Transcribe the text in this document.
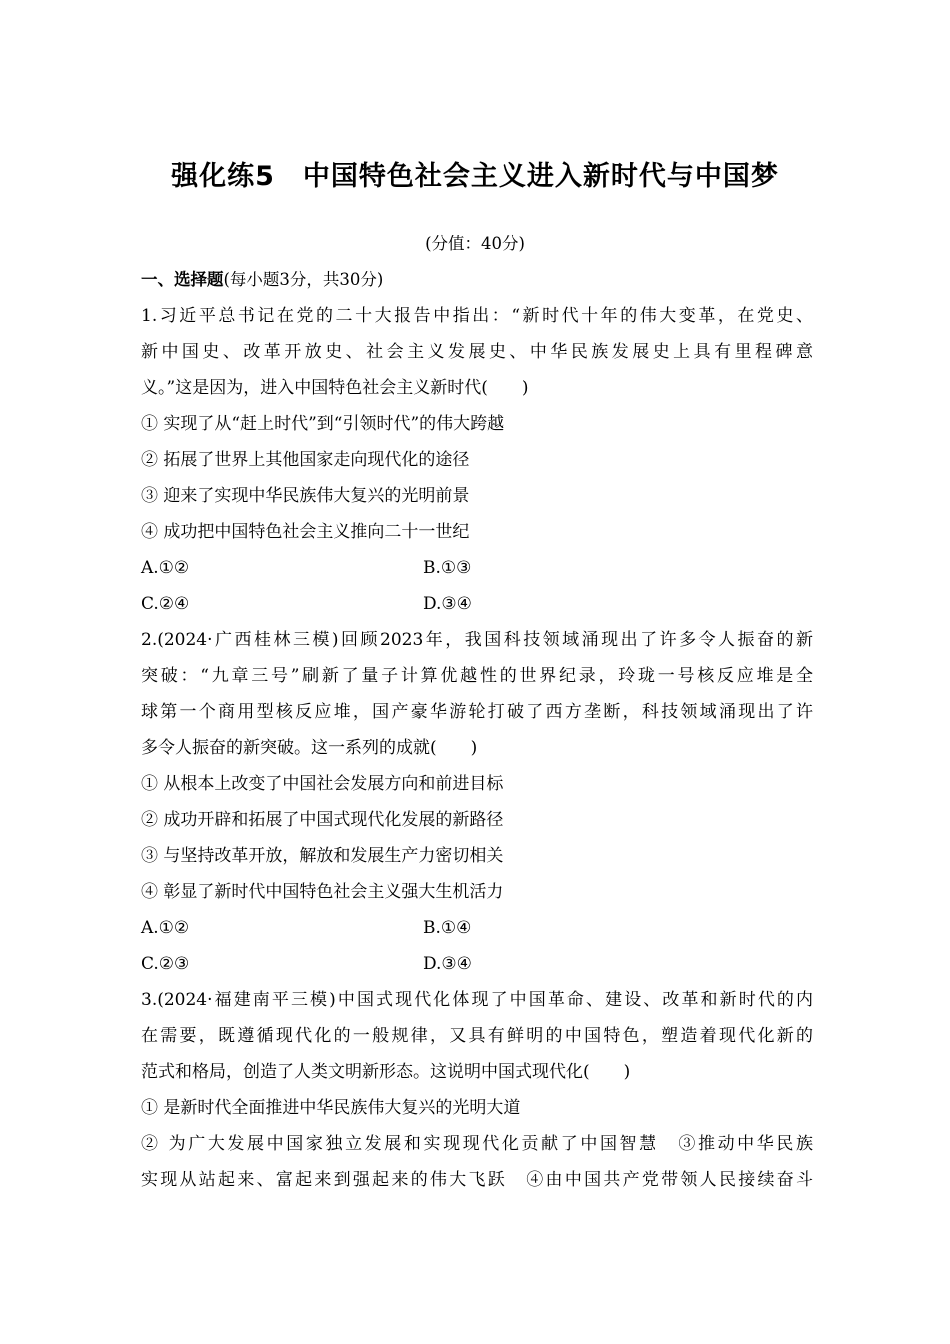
强化练5　中国特色社会主义进入新时代与中国梦
(分值：40分)
一、选择题(每小题3分，共30分)
1.习近平总书记在党的二十大报告中指出：“新时代十年的伟大变革，在党史、
新中国史、改革开放史、社会主义发展史、中华民族发展史上具有里程碑意
义。”这是因为，进入中国特色社会主义新时代(　　)
① 实现了从“赶上时代”到“引领时代”的伟大跨越
② 拓展了世界上其他国家走向现代化的途径
③ 迎来了实现中华民族伟大复兴的光明前景
④ 成功把中国特色社会主义推向二十一世纪
A.①②	B.①③
C.②④	D.③④
2.(2024·广西桂林三模)回顾2023年，我国科技领域涌现出了许多令人振奋的新
突破：“九章三号”刷新了量子计算优越性的世界纪录，玲珑一号核反应堆是全
球第一个商用型核反应堆，国产豪华游轮打破了西方垄断，科技领域涌现出了许
多令人振奋的新突破。这一系列的成就(　　)
① 从根本上改变了中国社会发展方向和前进目标
② 成功开辟和拓展了中国式现代化发展的新路径
③ 与坚持改革开放，解放和发展生产力密切相关
④ 彰显了新时代中国特色社会主义强大生机活力
A.①②	B.①④
C.②③	D.③④
3.(2024·福建南平三模)中国式现代化体现了中国革命、建设、改革和新时代的内
在需要，既遵循现代化的一般规律，又具有鲜明的中国特色，塑造着现代化新的
范式和格局，创造了人类文明新形态。这说明中国式现代化(　　)
① 是新时代全面推进中华民族伟大复兴的光明大道
② 为广大发展中国家独立发展和实现现代化贡献了中国智慧　③推动中华民族
实现从站起来、富起来到强起来的伟大飞跃　④由中国共产党带领人民接续奋斗
